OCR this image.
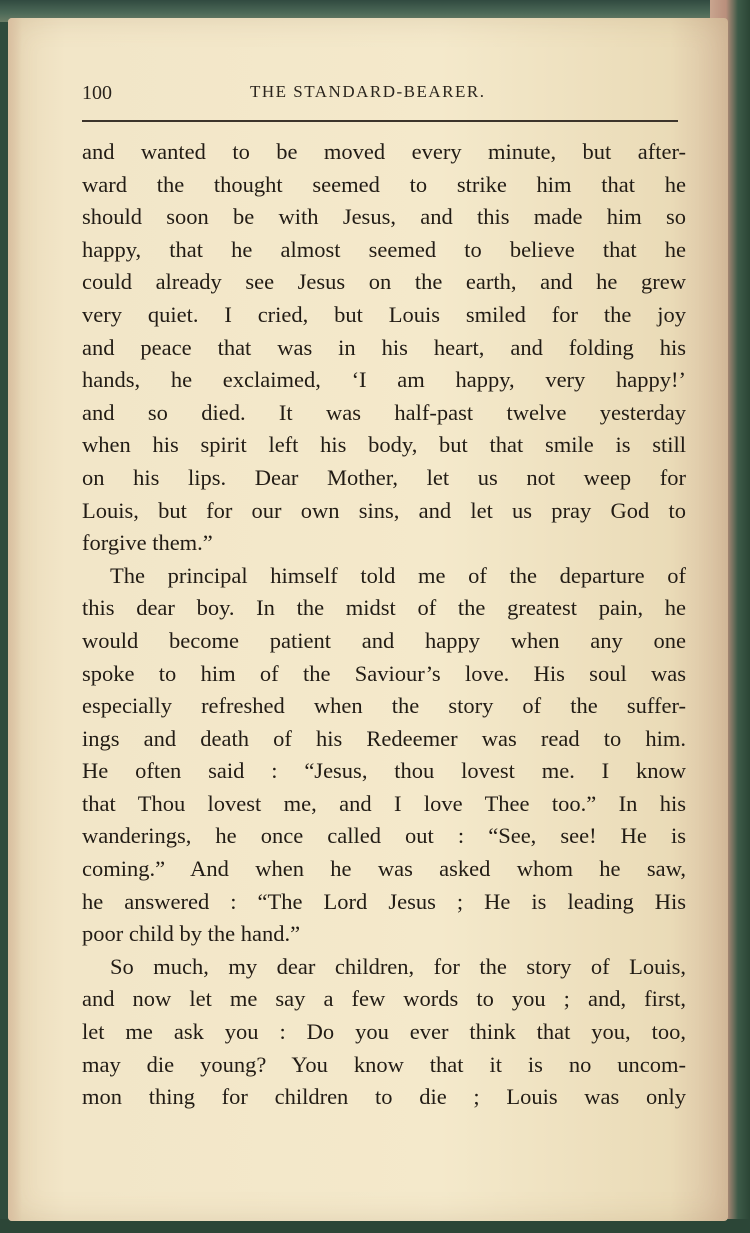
100	THE STANDARD-BEARER.
and wanted to be moved every minute, but after-
ward the thought seemed to strike him that he
should soon be with Jesus, and this made him so
happy, that he almost seemed to believe that he
could already see Jesus on the earth, and he grew
very quiet. I cried, but Louis smiled for the joy
and peace that was in his heart, and folding his
hands, he exclaimed, ‘I am happy, very happy!’
and so died. It was half-past twelve yesterday
when his spirit left his body, but that smile is still
on his lips. Dear Mother, let us not weep for
Louis, but for our own sins, and let us pray God to
forgive them.”
The principal himself told me of the departure of
this dear boy. In the midst of the greatest pain, he
would become patient and happy when any one
spoke to him of the Saviour’s love. His soul was
especially refreshed when the story of the suffer-
ings and death of his Redeemer was read to him.
He often said : “Jesus, thou lovest me. I know
that Thou lovest me, and I love Thee too.” In his
wanderings, he once called out : “See, see! He is
coming.” And when he was asked whom he saw,
he answered : “The Lord Jesus ; He is leading His
poor child by the hand.”
So much, my dear children, for the story of Louis,
and now let me say a few words to you ; and, first,
let me ask you : Do you ever think that you, too,
may die young? You know that it is no uncom-
mon thing for children to die ; Louis was only
